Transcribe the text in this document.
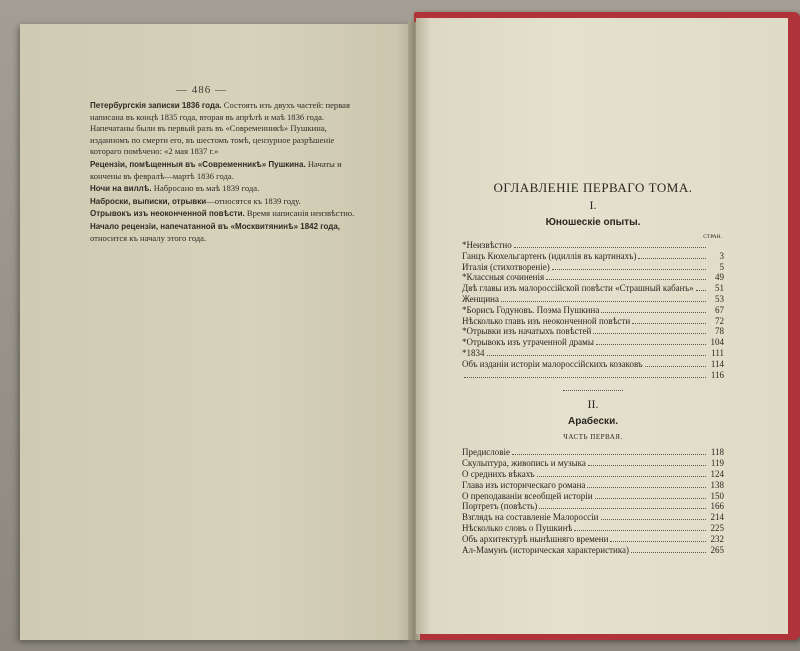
— 486 —
Петербургскія записки 1836 года. Состоять изъ двухъ частей: первая написана въ концѣ 1835 года, вторая въ апрѣлѣ и маѣ 1836 года. Напечатаны были въ первый разъ въ «Современникѣ» Пушкина, изданномъ по смерти его, въ шестомъ томѣ, цензурное разрѣшеніе котораго помѣчено: «2 мая 1837 г.»
Рецензіи, помѣщенныя въ «Современникѣ» Пушкина. Начаты и кончены въ февралѣ—мартѣ 1836 года.
Ночи на виллѣ. Набросано въ маѣ 1839 года.
Наброски, выписки, отрывки—относятся къ 1839 году.
Отрывокъ изъ неоконченной повѣсти. Время написанія неизвѣстно.
Начало рецензіи, напечатанной въ «Москвитянинѣ» 1842 года, относится къ началу этого года.
ОГЛАВЛЕНІЕ ПЕРВАГО ТОМА.
I.
Юношескіе опыты.
СТРАН.
*Неизвѣстно
Ганцъ Кюхельгартенъ (идиллія въ картинахъ)	3
Италія (стихотвореніе)	5
*Классныя сочиненія	49
Двѣ главы изъ малороссійской повѣсти «Страшный кабанъ»	51
Женщина	53
*Борисъ Годуновъ. Поэма Пушкина	67
Нѣсколько главъ изъ неоконченной повѣсти	72
*Отрывки изъ начатыхъ повѣстей	78
*Отрывокъ изъ утраченной драмы	104
*1834	111
Объ изданіи исторіи малороссійскихъ козаковъ	114
116
II.
Арабески.
ЧАСТЬ ПЕРВАЯ.
Предисловіе	118
Скульптура, живопись и музыка	119
О среднихъ вѣкахъ	124
Глава изъ историческаго романа	138
О преподаваніи всеобщей исторіи	150
Портретъ (повѣсть)	166
Взглядъ на составленіе Малороссіи	214
Нѣсколько словъ о Пушкинѣ	225
Объ архитектурѣ нынѣшняго времени	232
Ал-Мамунъ (историческая характеристика)	265
